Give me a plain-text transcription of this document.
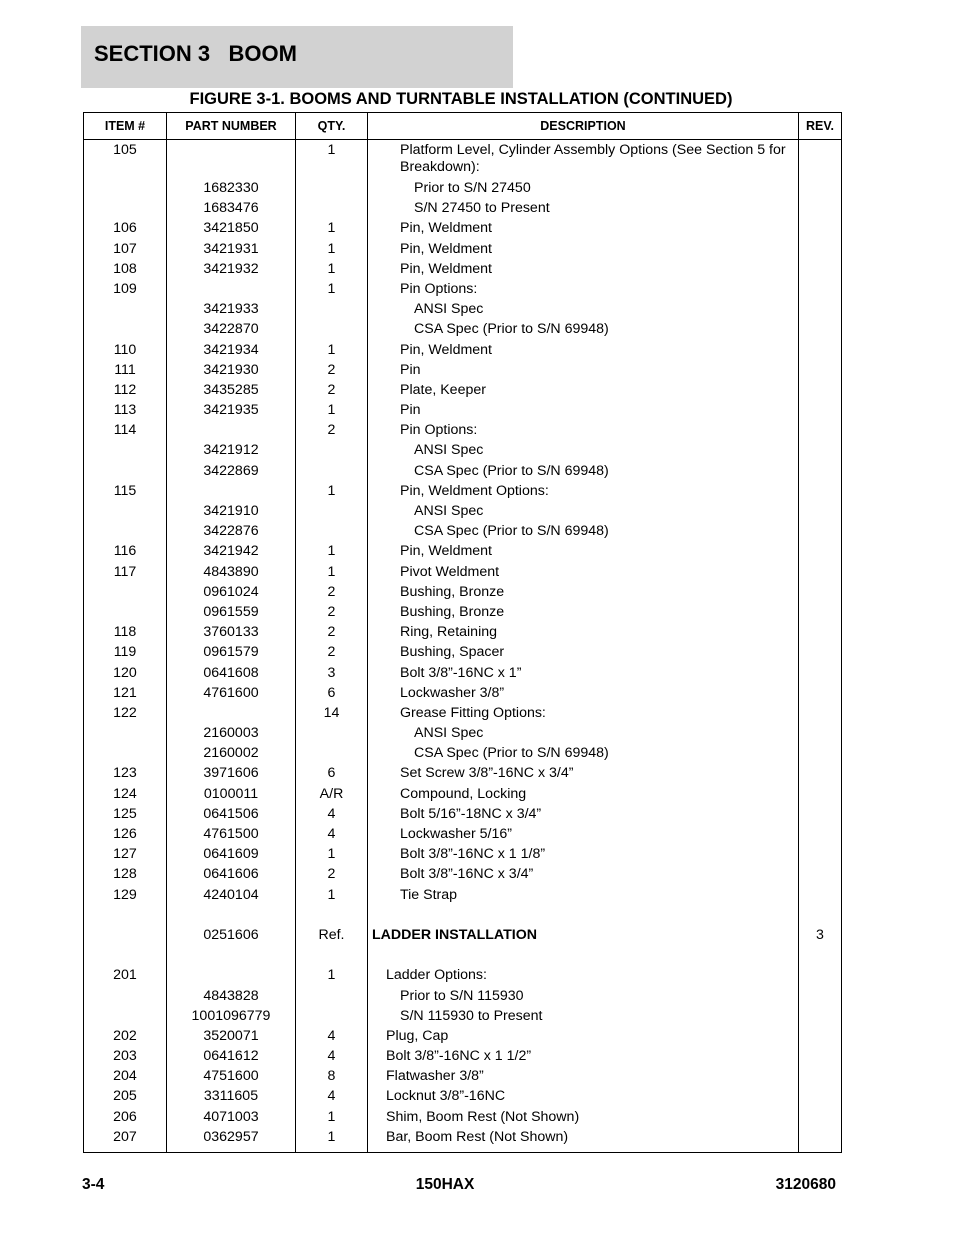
SECTION 3   BOOM
FIGURE 3-1. BOOMS AND TURNTABLE INSTALLATION (CONTINUED)
ITEM #	PART NUMBER	QTY.	DESCRIPTION	REV.
105		1	Platform Level, Cylinder Assembly Options (See Section 5 for Breakdown):	
	1682330		Prior to S/N 27450	
	1683476		S/N 27450 to Present	
106	3421850	1	Pin, Weldment	
107	3421931	1	Pin, Weldment	
108	3421932	1	Pin, Weldment	
109		1	Pin Options:	
	3421933		ANSI Spec	
	3422870		CSA Spec (Prior to S/N 69948)	
110	3421934	1	Pin, Weldment	
111	3421930	2	Pin	
112	3435285	2	Plate, Keeper	
113	3421935	1	Pin	
114		2	Pin Options:	
	3421912		ANSI Spec	
	3422869		CSA Spec (Prior to S/N 69948)	
115		1	Pin, Weldment Options:	
	3421910		ANSI Spec	
	3422876		CSA Spec (Prior to S/N 69948)	
116	3421942	1	Pin, Weldment	
117	4843890	1	Pivot Weldment	
	0961024	2	Bushing, Bronze	
	0961559	2	Bushing, Bronze	
118	3760133	2	Ring, Retaining	
119	0961579	2	Bushing, Spacer	
120	0641608	3	Bolt 3/8”-16NC x 1”	
121	4761600	6	Lockwasher 3/8”	
122		14	Grease Fitting Options:	
	2160003		ANSI Spec	
	2160002		CSA Spec (Prior to S/N 69948)	
123	3971606	6	Set Screw 3/8”-16NC x 3/4”	
124	0100011	A/R	Compound, Locking	
125	0641506	4	Bolt 5/16”-18NC x 3/4”	
126	4761500	4	Lockwasher 5/16”	
127	0641609	1	Bolt 3/8”-16NC x 1 1/8”	
128	0641606	2	Bolt 3/8”-16NC x 3/4”	
129	4240104	1	Tie Strap	

	0251606	Ref.	LADDER INSTALLATION	3

201		1	Ladder Options:	
	4843828		Prior to S/N 115930	
	1001096779		S/N 115930 to Present	
202	3520071	4	Plug, Cap	
203	0641612	4	Bolt 3/8”-16NC x 1 1/2”	
204	4751600	8	Flatwasher 3/8”	
205	3311605	4	Locknut 3/8”-16NC	
206	4071003	1	Shim, Boom Rest (Not Shown)	
207	0362957	1	Bar, Boom Rest (Not Shown)	
3-4	150HAX	3120680
